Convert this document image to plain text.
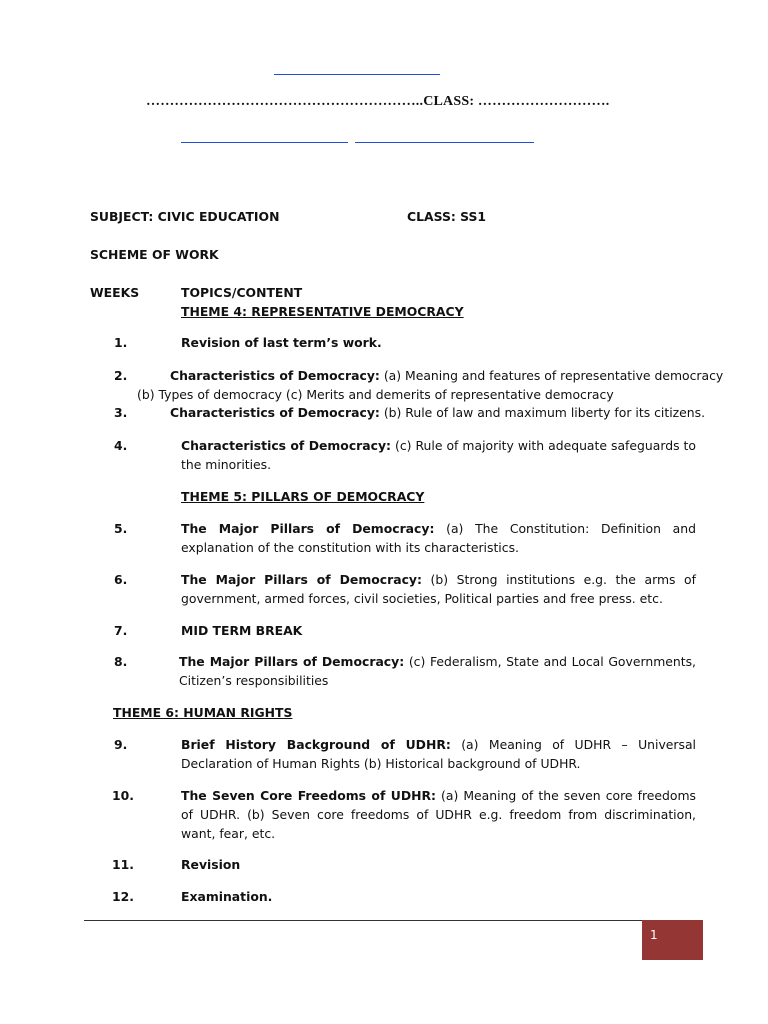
…………………………………………………..CLASS: ……………………….
SUBJECT: CIVIC EDUCATION	CLASS: SS1
SCHEME OF WORK
WEEKS	TOPICS/CONTENT
THEME 4: REPRESENTATIVE DEMOCRACY
1.	Revision of last term’s work.
2.	Characteristics of Democracy: (a) Meaning and features of representative democracy
(b) Types of democracy (c) Merits and demerits of representative democracy
3.	Characteristics of Democracy: (b) Rule of law and maximum liberty for its citizens.
4.	Characteristics of Democracy: (c) Rule of majority with adequate safeguards to the minorities.
THEME 5: PILLARS OF DEMOCRACY
5.	The Major Pillars of Democracy: (a) The Constitution: Definition and explanation of the constitution with its characteristics.
6.	The Major Pillars of Democracy: (b) Strong institutions e.g. the arms of government, armed forces, civil societies, Political parties and free press. etc.
7.	MID TERM BREAK
8.	The Major Pillars of Democracy: (c) Federalism, State and Local Governments, Citizen’s responsibilities
THEME 6: HUMAN RIGHTS
9.	Brief History Background of UDHR: (a) Meaning of UDHR – Universal Declaration of Human Rights (b) Historical background of UDHR.
10.	The Seven Core Freedoms of UDHR: (a) Meaning of the seven core freedoms of UDHR. (b) Seven core freedoms of UDHR e.g. freedom from discrimination, want, fear, etc.
11.	Revision
12.	Examination.
1
